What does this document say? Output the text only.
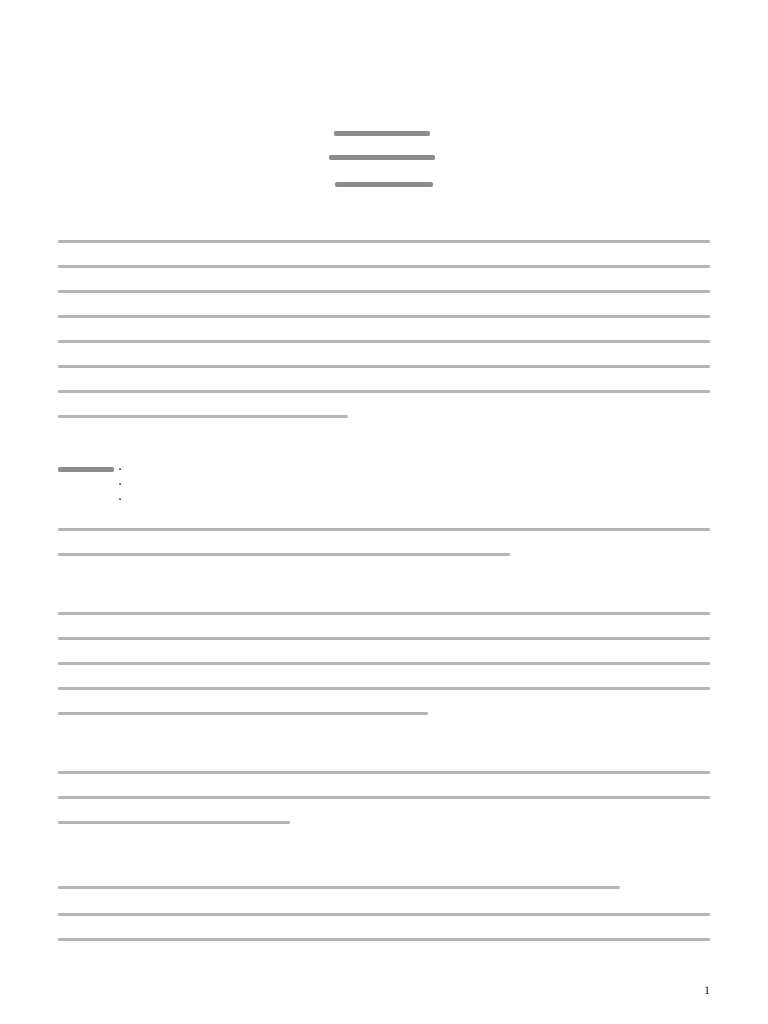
. . .
1
